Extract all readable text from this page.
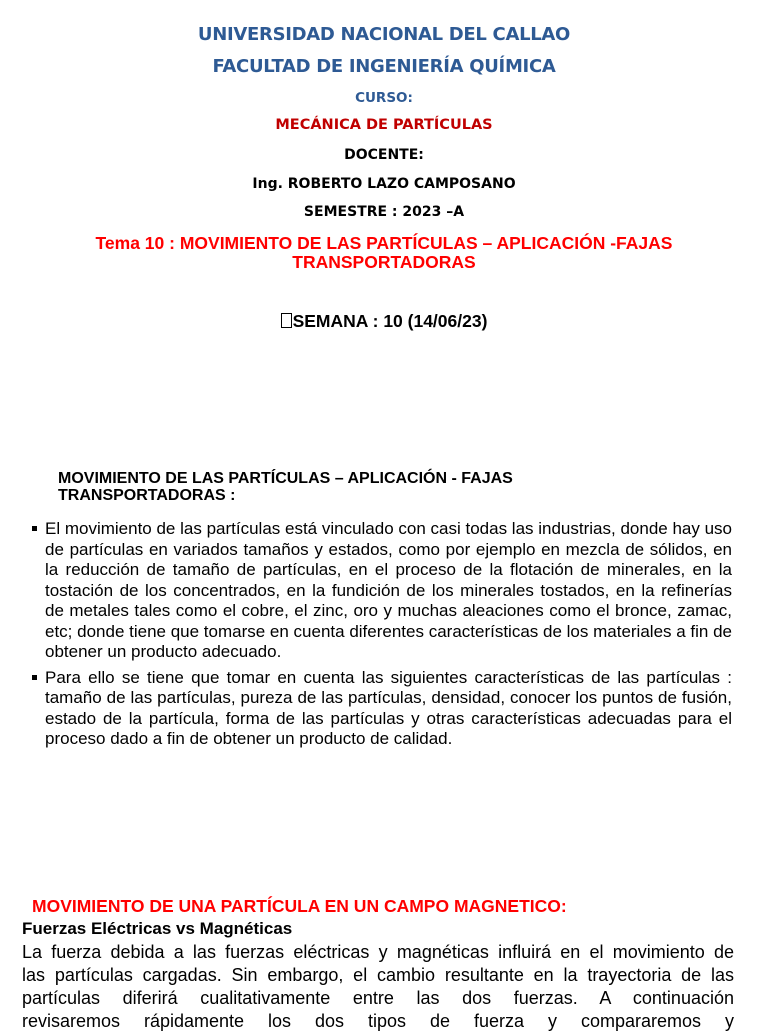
UNIVERSIDAD NACIONAL DEL CALLAO
FACULTAD DE INGENIERÍA QUÍMICA
CURSO:
MECÁNICA DE PARTÍCULAS
DOCENTE:
Ing. ROBERTO LAZO CAMPOSANO
SEMESTRE : 2023 –A
Tema 10 : MOVIMIENTO DE LAS PARTÍCULAS – APLICACIÓN -FAJAS
TRANSPORTADORAS
SEMANA : 10 (14/06/23)
MOVIMIENTO DE LAS PARTÍCULAS – APLICACIÓN - FAJAS
TRANSPORTADORAS :
El movimiento de las partículas está vinculado con casi todas las industrias, donde hay uso de partículas en variados tamaños y estados, como por ejemplo en mezcla de sólidos, en la reducción de tamaño de partículas, en el proceso de la flotación de minerales, en la tostación de los concentrados, en la fundición de los minerales tostados, en la refinerías de metales tales como el cobre, el zinc, oro y muchas aleaciones como el bronce, zamac, etc; donde tiene que tomarse en cuenta diferentes características de los materiales a fin de obtener un producto adecuado.
Para ello se tiene que tomar en cuenta las siguientes características de las partículas : tamaño de las partículas, pureza de las partículas, densidad, conocer los puntos de fusión, estado de la partícula, forma de las partículas y otras características adecuadas para el proceso dado a fin de obtener un producto de calidad.
MOVIMIENTO DE UNA PARTÍCULA EN UN CAMPO MAGNETICO:
Fuerzas Eléctricas vs Magnéticas
La fuerza debida a las fuerzas eléctricas y magnéticas influirá en el movimiento de
las partículas cargadas. Sin embargo, el cambio resultante en la trayectoria de las
partículas diferirá cualitativamente entre las dos fuerzas. A continuación
revisaremos rápidamente los dos tipos de fuerza y compararemos y
